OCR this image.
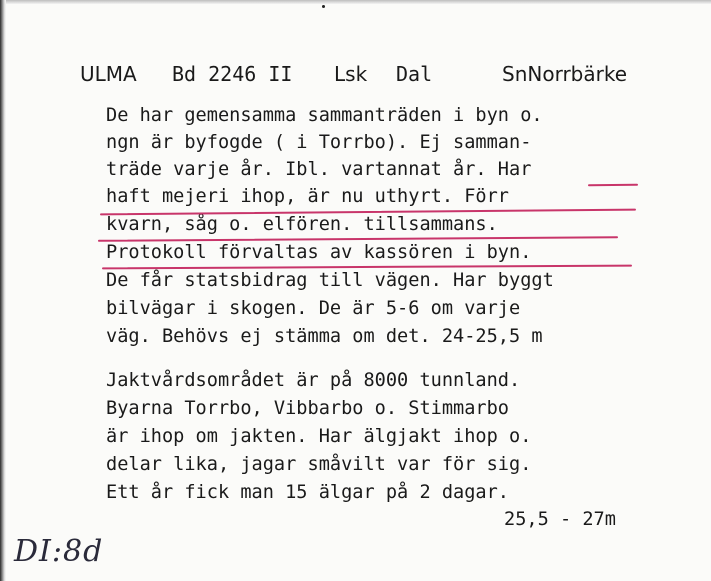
ULMA Bd 2246 II Lsk Dal	SnNorrbärke
De har gemensamma sammanträden i byn o.
ngn är byfogde ( i Torrbo). Ej samman-
träde varje år. Ibl. vartannat år. Har
haft mejeri ihop, är nu uthyrt. Förr
kvarn, såg o. elfören. tillsammans.
Protokoll förvaltas av kassören i byn.
De får statsbidrag till vägen. Har byggt
bilvägar i skogen. De är 5-6 om varje
väg. Behövs ej stämma om det. 24-25,5 m
Jaktvårdsområdet är på 8000 tunnland.
Byarna Torrbo, Vibbarbo o. Stimmarbo
är ihop om jakten. Har älgjakt ihop o.
delar lika, jagar småvilt var för sig.
Ett år fick man 15 älgar på 2 dagar.
25,5 - 27m
DI:8d
